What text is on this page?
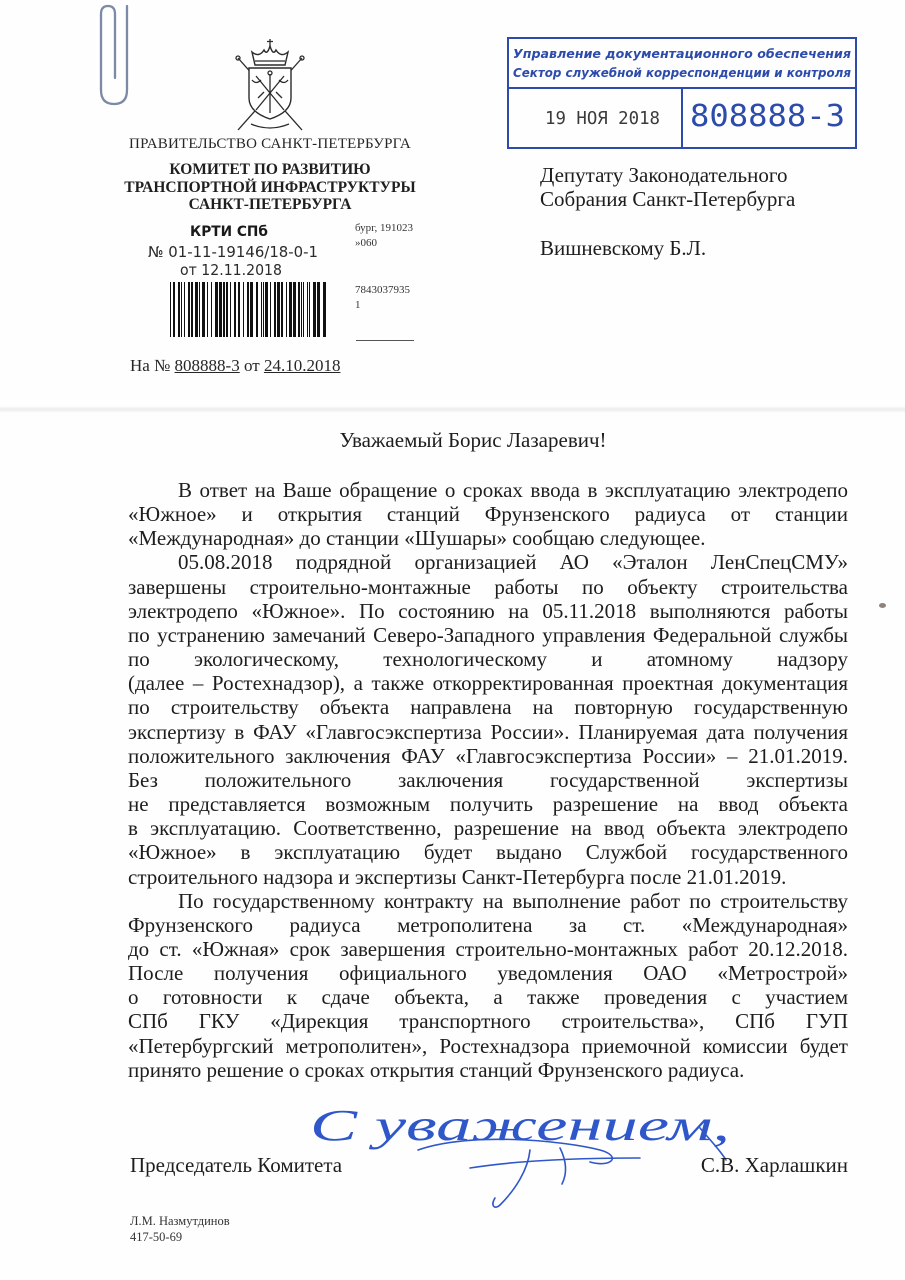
ПРАВИТЕЛЬСТВО САНКТ-ПЕТЕРБУРГА
КОМИТЕТ ПО РАЗВИТИЮ
ТРАНСПОРТНОЙ ИНФРАСТРУКТУРЫ
САНКТ-ПЕТЕРБУРГА
бург, 191023
»060
7843037935
1
КРТИ СПб
№ 01-11-19146/18-0-1
от 12.11.2018
На № 808888-3 от 24.10.2018
Управление документационного обеспечения
Сектор служебной корреспонденции и контроля
19 НОЯ 2018 808888-3
Депутату Законодательного
Собрания Санкт-Петербурга
Вишневскому Б.Л.
Уважаемый Борис Лазаревич!
В ответ на Ваше обращение о сроках ввода в эксплуатацию электродепо
«Южное» и открытия станций Фрунзенского радиуса от станции
«Международная» до станции «Шушары» сообщаю следующее.
05.08.2018 подрядной организацией АО «Эталон ЛенСпецСМУ»
завершены строительно-монтажные работы по объекту строительства
электродепо «Южное». По состоянию на 05.11.2018 выполняются работы
по устранению замечаний Северо-Западного управления Федеральной службы
по экологическому, технологическому и атомному надзору
(далее – Ростехнадзор), а также откорректированная проектная документация
по строительству объекта направлена на повторную государственную
экспертизу в ФАУ «Главгосэкспертиза России». Планируемая дата получения
положительного заключения ФАУ «Главгосэкспертиза России» – 21.01.2019.
Без положительного заключения государственной экспертизы
не представляется возможным получить разрешение на ввод объекта
в эксплуатацию. Соответственно, разрешение на ввод объекта электродепо
«Южное» в эксплуатацию будет выдано Службой государственного
строительного надзора и экспертизы Санкт-Петербурга после 21.01.2019.
По государственному контракту на выполнение работ по строительству
Фрунзенского радиуса метрополитена за ст. «Международная»
до ст. «Южная» срок завершения строительно-монтажных работ 20.12.2018.
После получения официального уведомления ОАО «Метрострой»
о готовности к сдаче объекта, а также проведения с участием
СПб ГКУ «Дирекция транспортного строительства», СПб ГУП
«Петербургский метрополитен», Ростехнадзора приемочной комиссии будет
принято решение о сроках открытия станций Фрунзенского радиуса.
С уважением,
Председатель Комитета	С.В. Харлашкин
Л.М. Назмутдинов
417-50-69
